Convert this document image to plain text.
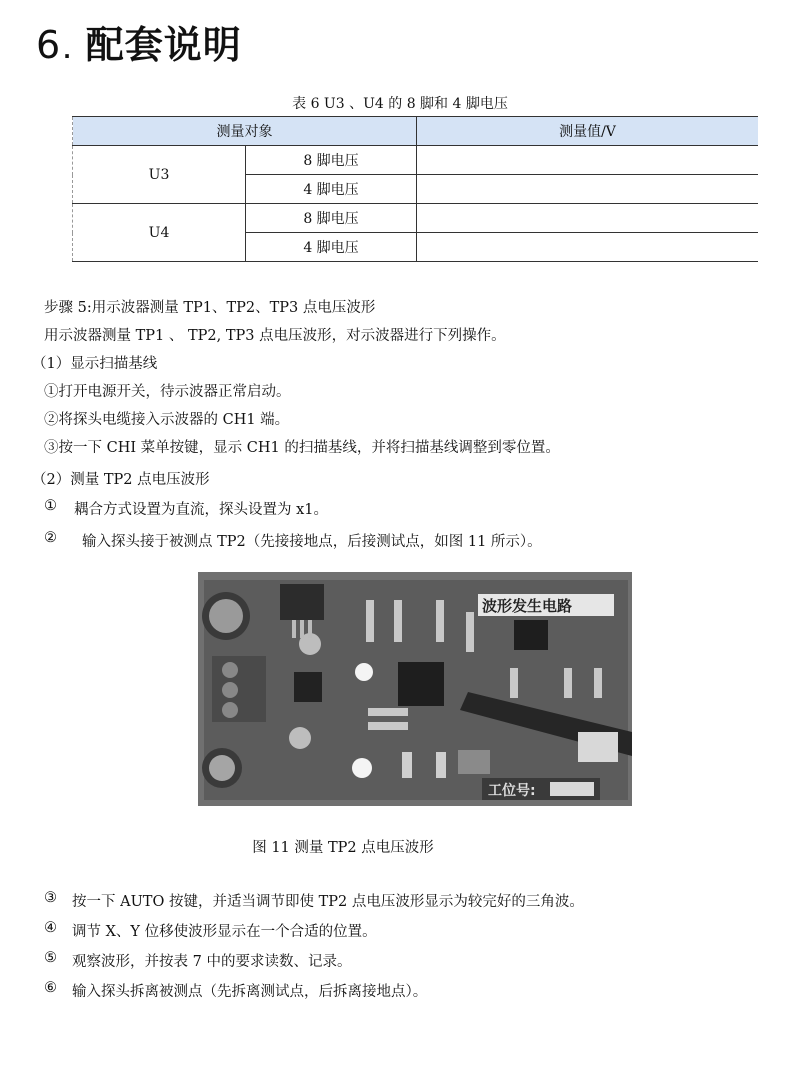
6 . 配套说明
表 6 U3 、U4 的 8 脚和 4 脚电压
测量对象		测量值/V
U3	8 脚电压	
	4 脚电压	
U4	8 脚电压	
	4 脚电压	
步骤 5:用示波器测量 TP1、TP2、TP3 点电压波形
用示波器测量 TP1 、 TP2, TP3 点电压波形，对示波器进行下列操作。
（1）显示扫描基线
①打开电源开关，待示波器正常启动。
②将探头电缆接入示波器的 CH1 端。
③按一下 CHI 菜单按键，显示 CH1 的扫描基线，并将扫描基线调整到零位置。
（2）测量 TP2 点电压波形
① 耦合方式设置为直流，探头设置为 x1。
② 输入探头接于被测点 TP2（先接接地点，后接测试点，如图 11 所示）。
波形发生电路
工位号:
图 11 测量 TP2 点电压波形
③ 按一下 AUTO 按键，并适当调节即使 TP2 点电压波形显示为较完好的三角波。
④ 调节 X、Y 位移使波形显示在一个合适的位置。
⑤ 观察波形，并按表 7 中的要求读数、记录。
⑥ 输入探头拆离被测点（先拆离测试点，后拆离接地点）。
